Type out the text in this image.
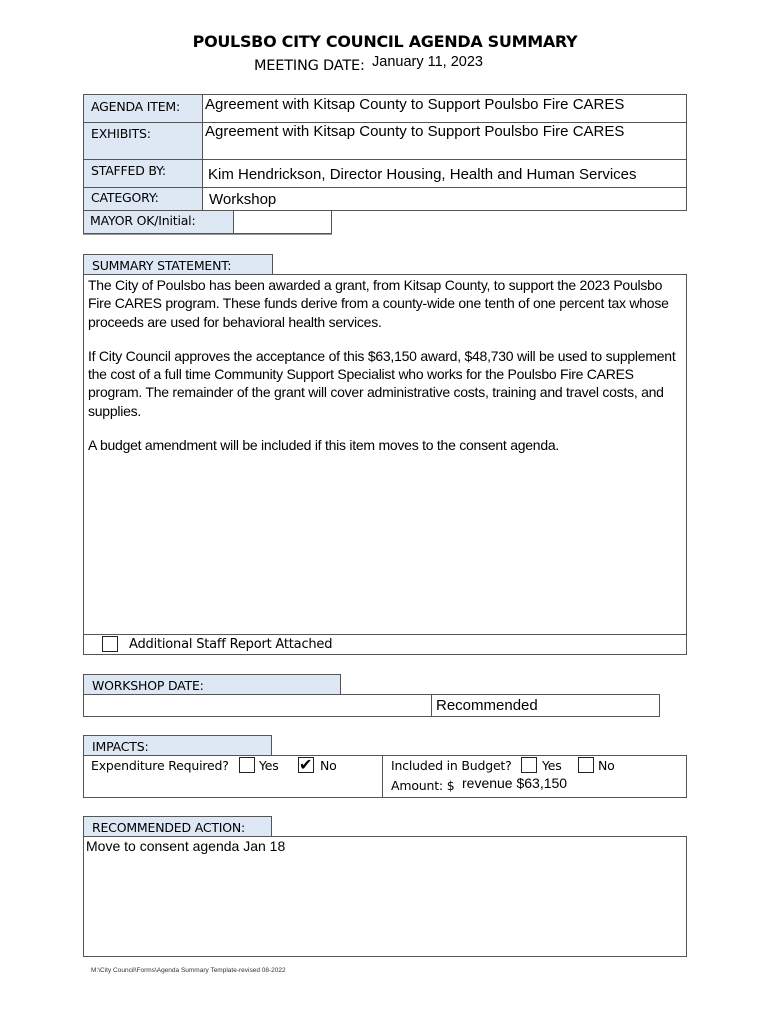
POULSBO CITY COUNCIL AGENDA SUMMARY
MEETING DATE: January 11, 2023
AGENDA ITEM: Agreement with Kitsap County to Support Poulsbo Fire CARES
EXHIBITS:	Agreement with Kitsap County to Support Poulsbo Fire CARES
STAFFED BY:	Kim Hendrickson, Director Housing, Health and Human Services
CATEGORY:	Workshop
MAYOR OK/Initial:
SUMMARY STATEMENT:

The City of Poulsbo has been awarded a grant, from Kitsap County, to support the 2023 Poulsbo Fire CARES program. These funds derive from a county-wide one tenth of one percent tax whose proceeds are used for behavioral health services.

If City Council approves the acceptance of this $63,150 award, $48,730 will be used to supplement the cost of a full time Community Support Specialist who works for the Poulsbo Fire CARES program. The remainder of the grant will cover administrative costs, training and travel costs, and supplies.

A budget amendment will be included if this item moves to the consent agenda.

Additional Staff Report Attached
WORKSHOP DATE:
Recommended
IMPACTS:
Expenditure Required? Yes ✔	No	Included in Budget? Yes	No
Amount: $ revenue $63,150
RECOMMENDED ACTION:
Move to consent agenda Jan 18
M:\City Council\Forms\Agenda Summary Template-revised 08-2022
